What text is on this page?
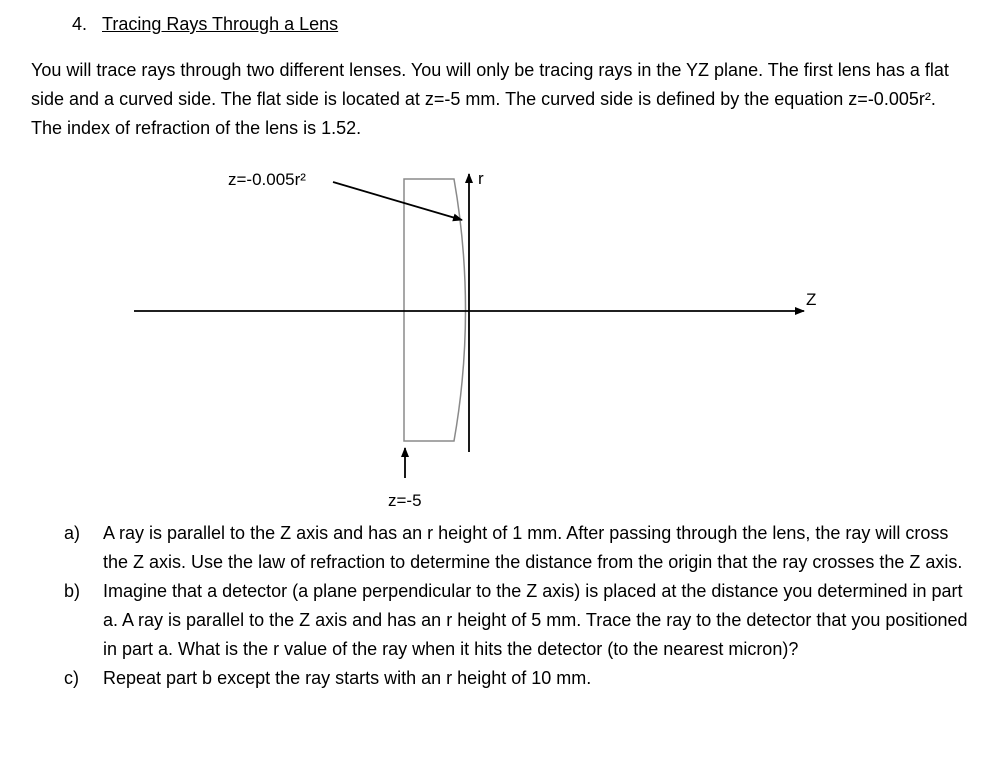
4. Tracing Rays Through a Lens
You will trace rays through two different lenses. You will only be tracing rays in the YZ plane. The first lens has a flat side and a curved side. The flat side is located at z=-5 mm. The curved side is defined by the equation z=-0.005r². The index of refraction of the lens is 1.52.
z=-0.005r²	r
Z
z=-5
a) A ray is parallel to the Z axis and has an r height of 1 mm. After passing through the lens, the ray will cross the Z axis. Use the law of refraction to determine the distance from the origin that the ray crosses the Z axis.
b) Imagine that a detector (a plane perpendicular to the Z axis) is placed at the distance you determined in part a. A ray is parallel to the Z axis and has an r height of 5 mm. Trace the ray to the detector that you positioned in part a. What is the r value of the ray when it hits the detector (to the nearest micron)?
c) Repeat part b except the ray starts with an r height of 10 mm.
